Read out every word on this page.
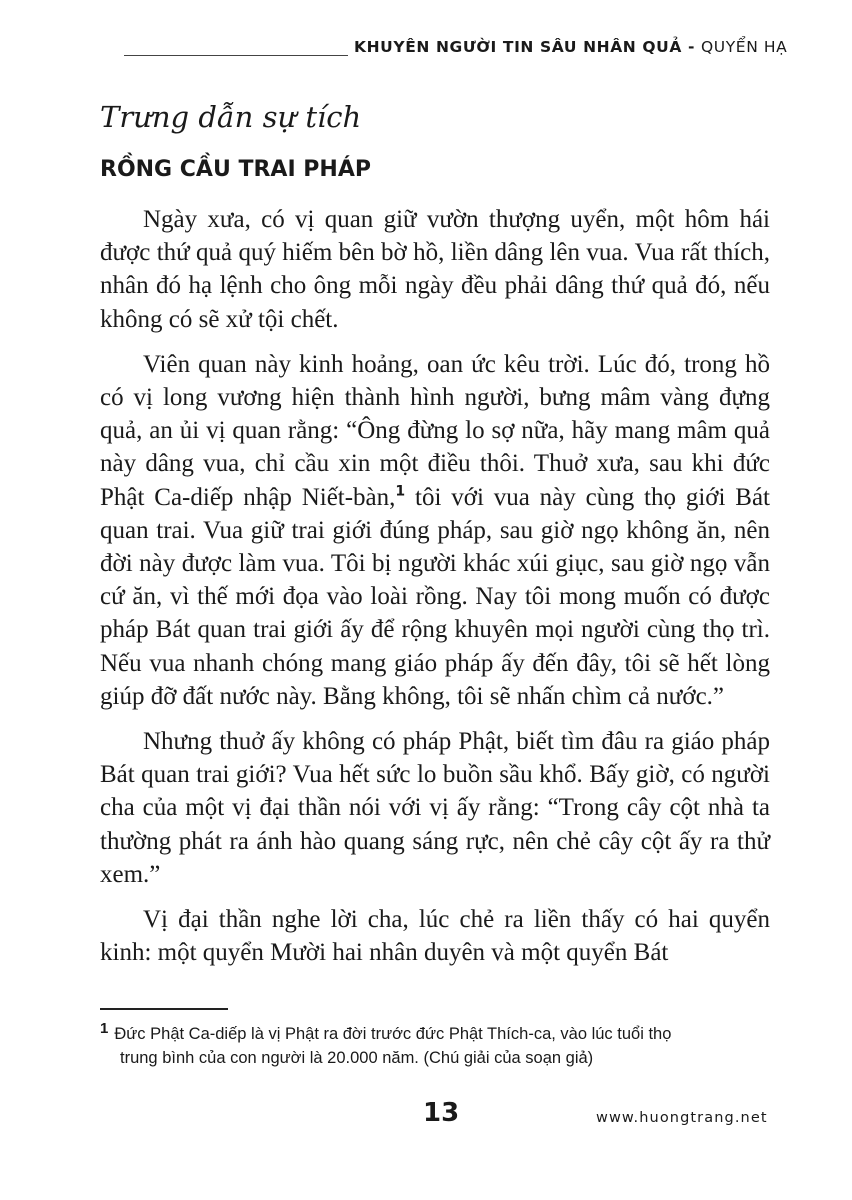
KHUYÊN NGƯỜI TIN SÂU NHÂN QUẢ - QUYỂN HẠ
Trưng dẫn sự tích
RỒNG CẦU TRAI PHÁP

Ngày xưa, có vị quan giữ vườn thượng uyển, một hôm hái được thứ quả quý hiếm bên bờ hồ, liền dâng lên vua. Vua rất thích, nhân đó hạ lệnh cho ông mỗi ngày đều phải dâng thứ quả đó, nếu không có sẽ xử tội chết.

Viên quan này kinh hoảng, oan ức kêu trời. Lúc đó, trong hồ có vị long vương hiện thành hình người, bưng mâm vàng đựng quả, an ủi vị quan rằng: “Ông đừng lo sợ nữa, hãy mang mâm quả này dâng vua, chỉ cầu xin một điều thôi. Thuở xưa, sau khi đức Phật Ca-diếp nhập Niết-bàn,$^1$ tôi với vua này cùng thọ giới Bát quan trai. Vua giữ trai giới đúng pháp, sau giờ ngọ không ăn, nên đời này được làm vua. Tôi bị người khác xúi giục, sau giờ ngọ vẫn cứ ăn, vì thế mới đọa vào loài rồng. Nay tôi mong muốn có được pháp Bát quan trai giới ấy để rộng khuyên mọi người cùng thọ trì. Nếu vua nhanh chóng mang giáo pháp ấy đến đây, tôi sẽ hết lòng giúp đỡ đất nước này. Bằng không, tôi sẽ nhấn chìm cả nước.”

Nhưng thuở ấy không có pháp Phật, biết tìm đâu ra giáo pháp Bát quan trai giới? Vua hết sức lo buồn sầu khổ. Bấy giờ, có người cha của một vị đại thần nói với vị ấy rằng: “Trong cây cột nhà ta thường phát ra ánh hào quang sáng rực, nên chẻ cây cột ấy ra thử xem.”

Vị đại thần nghe lời cha, lúc chẻ ra liền thấy có hai quyển kinh: một quyển Mười hai nhân duyên và một quyển Bát

1 Đức Phật Ca-diếp là vị Phật ra đời trước đức Phật Thích-ca, vào lúc tuổi thọ
trung bình của con người là 20.000 năm. (Chú giải của soạn giả)
13	www.huongtrang.net
